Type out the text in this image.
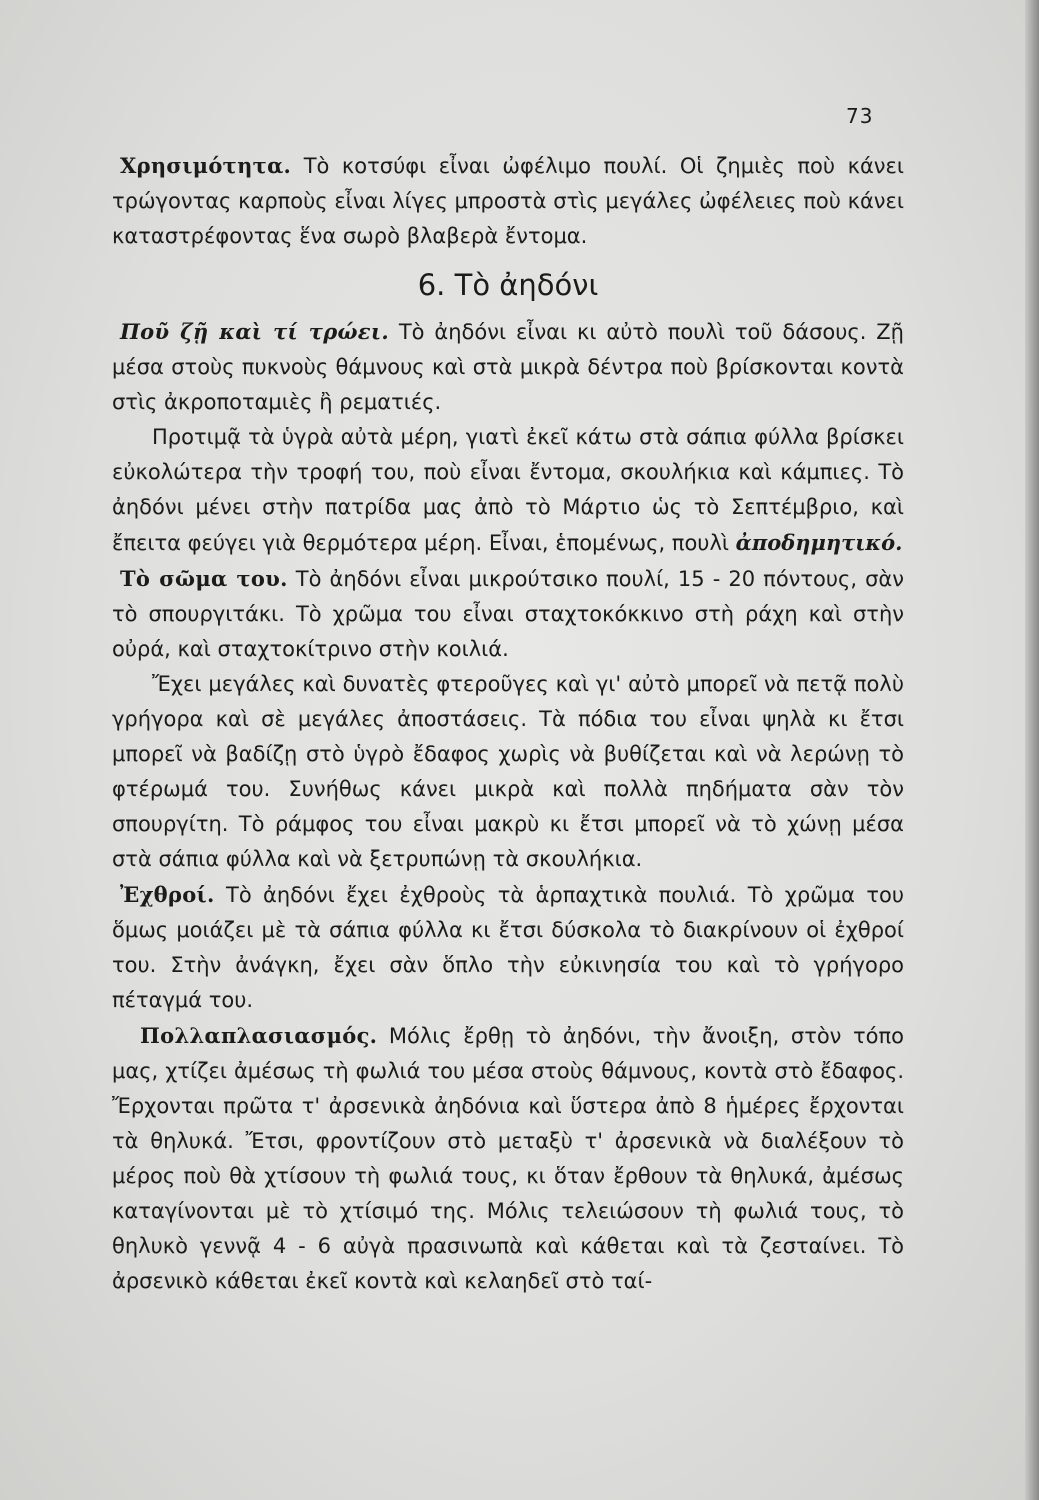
73

Χρησιμότητα. Τὸ κοτσύφι εἶναι ὠφέλιμο πουλί. Οἱ ζημιὲς ποὺ κάνει τρώγοντας καρποὺς εἶναι λίγες μπροστὰ στὶς μεγάλες ὠφέλειες ποὺ κάνει καταστρέφοντας ἕνα σωρὸ βλαβερὰ ἔντομα.

6. Τὸ ἀηδόνι

Ποῦ ζῇ καὶ τί τρώει. Τὸ ἀηδόνι εἶναι κι αὐτὸ πουλὶ τοῦ δάσους. Ζῇ μέσα στοὺς πυκνοὺς θάμνους καὶ στὰ μικρὰ δέντρα ποὺ βρίσκονται κοντὰ στὶς ἀκροποταμιὲς ἢ ρεματιές.

Προτιμᾷ τὰ ὑγρὰ αὐτὰ μέρη, γιατὶ ἐκεῖ κάτω στὰ σάπια φύλλα βρίσκει εὐκολώτερα τὴν τροφή του, ποὺ εἶναι ἔντομα, σκουλήκια καὶ κάμπιες. Τὸ ἀηδόνι μένει στὴν πατρίδα μας ἀπὸ τὸ Μάρτιο ὡς τὸ Σεπτέμβριο, καὶ ἔπειτα φεύγει γιὰ θερμότερα μέρη. Εἶναι, ἑπομένως, πουλὶ ἀποδημητικό.

Τὸ σῶμα του. Τὸ ἀηδόνι εἶναι μικρούτσικο πουλί, 15 - 20 πόντους, σὰν τὸ σπουργιτάκι. Τὸ χρῶμα του εἶναι σταχτοκόκκινο στὴ ράχη καὶ στὴν οὐρά, καὶ σταχτοκίτρινο στὴν κοιλιά.

Ἔχει μεγάλες καὶ δυνατὲς φτεροῦγες καὶ γι' αὐτὸ μπορεῖ νὰ πετᾷ πολὺ γρήγορα καὶ σὲ μεγάλες ἀποστάσεις. Τὰ πόδια του εἶναι ψηλὰ κι ἔτσι μπορεῖ νὰ βαδίζῃ στὸ ὑγρὸ ἔδαφος χωρὶς νὰ βυθίζεται καὶ νὰ λερώνῃ τὸ φτέρωμά του. Συνήθως κάνει μικρὰ καὶ πολλὰ πηδήματα σὰν τὸν σπουργίτη. Τὸ ράμφος του εἶναι μακρὺ κι ἔτσι μπορεῖ νὰ τὸ χώνῃ μέσα στὰ σάπια φύλλα καὶ νὰ ξετρυπώνῃ τὰ σκουλήκια.

Ἐχθροί. Τὸ ἀηδόνι ἔχει ἐχθροὺς τὰ ἁρπαχτικὰ πουλιά. Τὸ χρῶμα του ὅμως μοιάζει μὲ τὰ σάπια φύλλα κι ἔτσι δύσκολα τὸ διακρίνουν οἱ ἐχθροί του. Στὴν ἀνάγκη, ἔχει σὰν ὅπλο τὴν εὐκινησία του καὶ τὸ γρήγορο πέταγμά του.

Πολλαπλασιασμός. Μόλις ἔρθῃ τὸ ἀηδόνι, τὴν ἄνοιξη, στὸν τόπο μας, χτίζει ἀμέσως τὴ φωλιά του μέσα στοὺς θάμνους, κοντὰ στὸ ἔδαφος. Ἔρχονται πρῶτα τ' ἀρσενικὰ ἀηδόνια καὶ ὕστερα ἀπὸ 8 ἡμέρες ἔρχονται τὰ θηλυκά. Ἔτσι, φροντίζουν στὸ μεταξὺ τ' ἀρσενικὰ νὰ διαλέξουν τὸ μέρος ποὺ θὰ χτίσουν τὴ φωλιά τους, κι ὅταν ἔρθουν τὰ θηλυκά, ἀμέσως καταγίνονται μὲ τὸ χτίσιμό της. Μόλις τελειώσουν τὴ φωλιά τους, τὸ θηλυκὸ γεννᾷ 4 - 6 αὐγὰ πρασινωπὰ καὶ κάθεται καὶ τὰ ζεσταίνει. Τὸ ἀρσενικὸ κάθεται ἐκεῖ κοντὰ καὶ κελαηδεῖ στὸ ταί-
